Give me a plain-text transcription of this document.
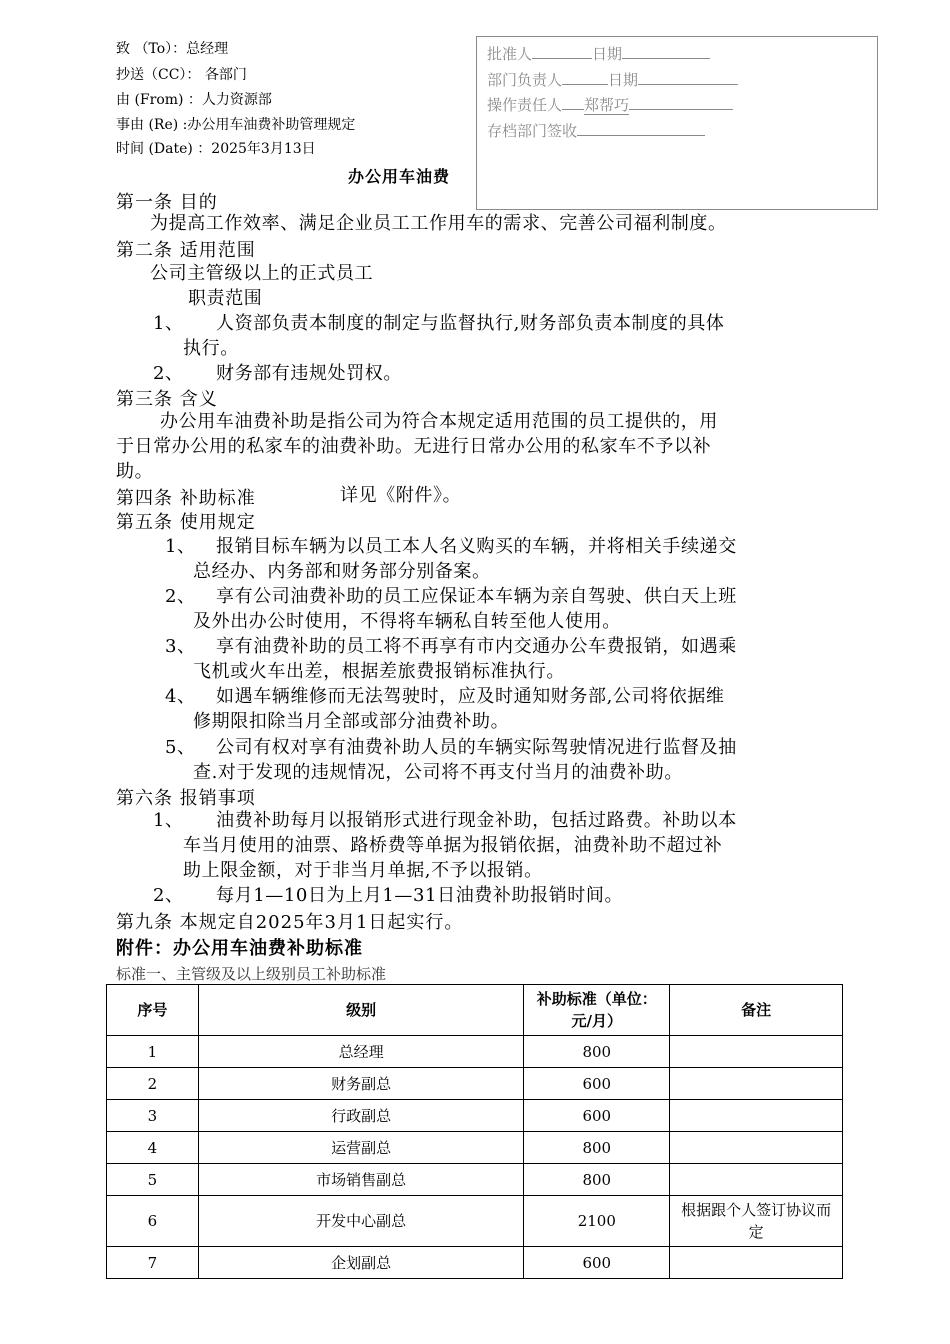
致 （To）：总经理
抄送（CC）： 各部门
由 (From) ：人力资源部
事由 (Re) :办公用车油费补助管理规定
时间 (Date) ：2025年3月13日
办公用车油费
批准人	日期
部门负责人	日期
操作责任人 郑帮巧
存档部门签收
第一条 目的
为提高工作效率、满足企业员工工作用车的需求、完善公司福利制度。
第二条 适用范围
公司主管级以上的正式员工
职责范围
1、 人资部负责本制度的制定与监督执行,财务部负责本制度的具体
执行。
2、 财务部有违规处罚权。
第三条 含义
办公用车油费补助是指公司为符合本规定适用范围的员工提供的，用
于日常办公用的私家车的油费补助。无进行日常办公用的私家车不予以补
助。
第四条 补助标准	详见《附件》。
第五条 使用规定
1、 报销目标车辆为以员工本人名义购买的车辆，并将相关手续递交
总经办、内务部和财务部分别备案。
2、 享有公司油费补助的员工应保证本车辆为亲自驾驶、供白天上班
及外出办公时使用，不得将车辆私自转至他人使用。
3、 享有油费补助的员工将不再享有市内交通办公车费报销，如遇乘
飞机或火车出差，根据差旅费报销标准执行。
4、 如遇车辆维修而无法驾驶时，应及时通知财务部,公司将依据维
修期限扣除当月全部或部分油费补助。
5、 公司有权对享有油费补助人员的车辆实际驾驶情况进行监督及抽
查.对于发现的违规情况，公司将不再支付当月的油费补助。
第六条 报销事项
1、 油费补助每月以报销形式进行现金补助，包括过路费。补助以本
车当月使用的油票、路桥费等单据为报销依据，油费补助不超过补
助上限金额，对于非当月单据,不予以报销。
2、 每月1—10日为上月1—31日油费补助报销时间。
第九条 本规定自2025年3月1日起实行。
附件：办公用车油费补助标准
标准一、主管级及以上级别员工补助标准
序号	级别	补助标准（单位：元/月）	备注
1	总经理	800	
2	财务副总	600	
3	行政副总	600	
4	运营副总	800	
5	市场销售副总	800	
6	开发中心副总	2100	根据跟个人签订协议而定
7	企划副总	600	
